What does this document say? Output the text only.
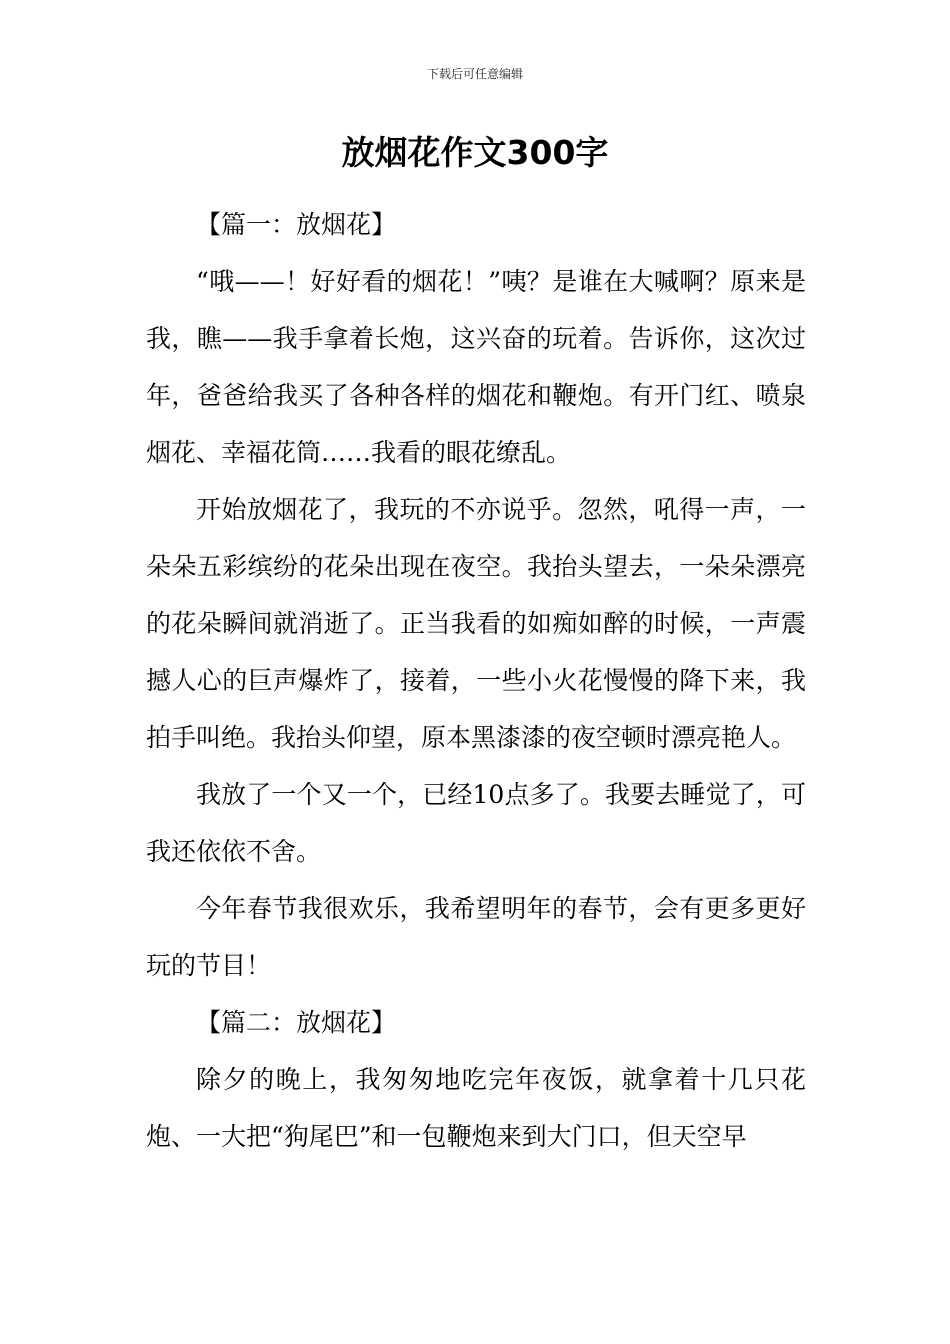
下载后可任意编辑
放烟花作文300字

【篇一：放烟花】

“哦——！好好看的烟花！”咦？是谁在大喊啊？原来是我，瞧——我手拿着长炮，这兴奋的玩着。告诉你，这次过年，爸爸给我买了各种各样的烟花和鞭炮。有开门红、喷泉烟花、幸福花筒……我看的眼花缭乱。

开始放烟花了，我玩的不亦说乎。忽然，吼得一声，一朵朵五彩缤纷的花朵出现在夜空。我抬头望去，一朵朵漂亮的花朵瞬间就消逝了。正当我看的如痴如醉的时候，一声震撼人心的巨声爆炸了，接着，一些小火花慢慢的降下来，我拍手叫绝。我抬头仰望，原本黑漆漆的夜空顿时漂亮艳人。

我放了一个又一个，已经10点多了。我要去睡觉了，可我还依依不舍。

今年春节我很欢乐，我希望明年的春节，会有更多更好玩的节目！

【篇二：放烟花】

除夕的晚上，我匆匆地吃完年夜饭，就拿着十几只花炮、一大把“狗尾巴”和一包鞭炮来到大门口，但天空早
